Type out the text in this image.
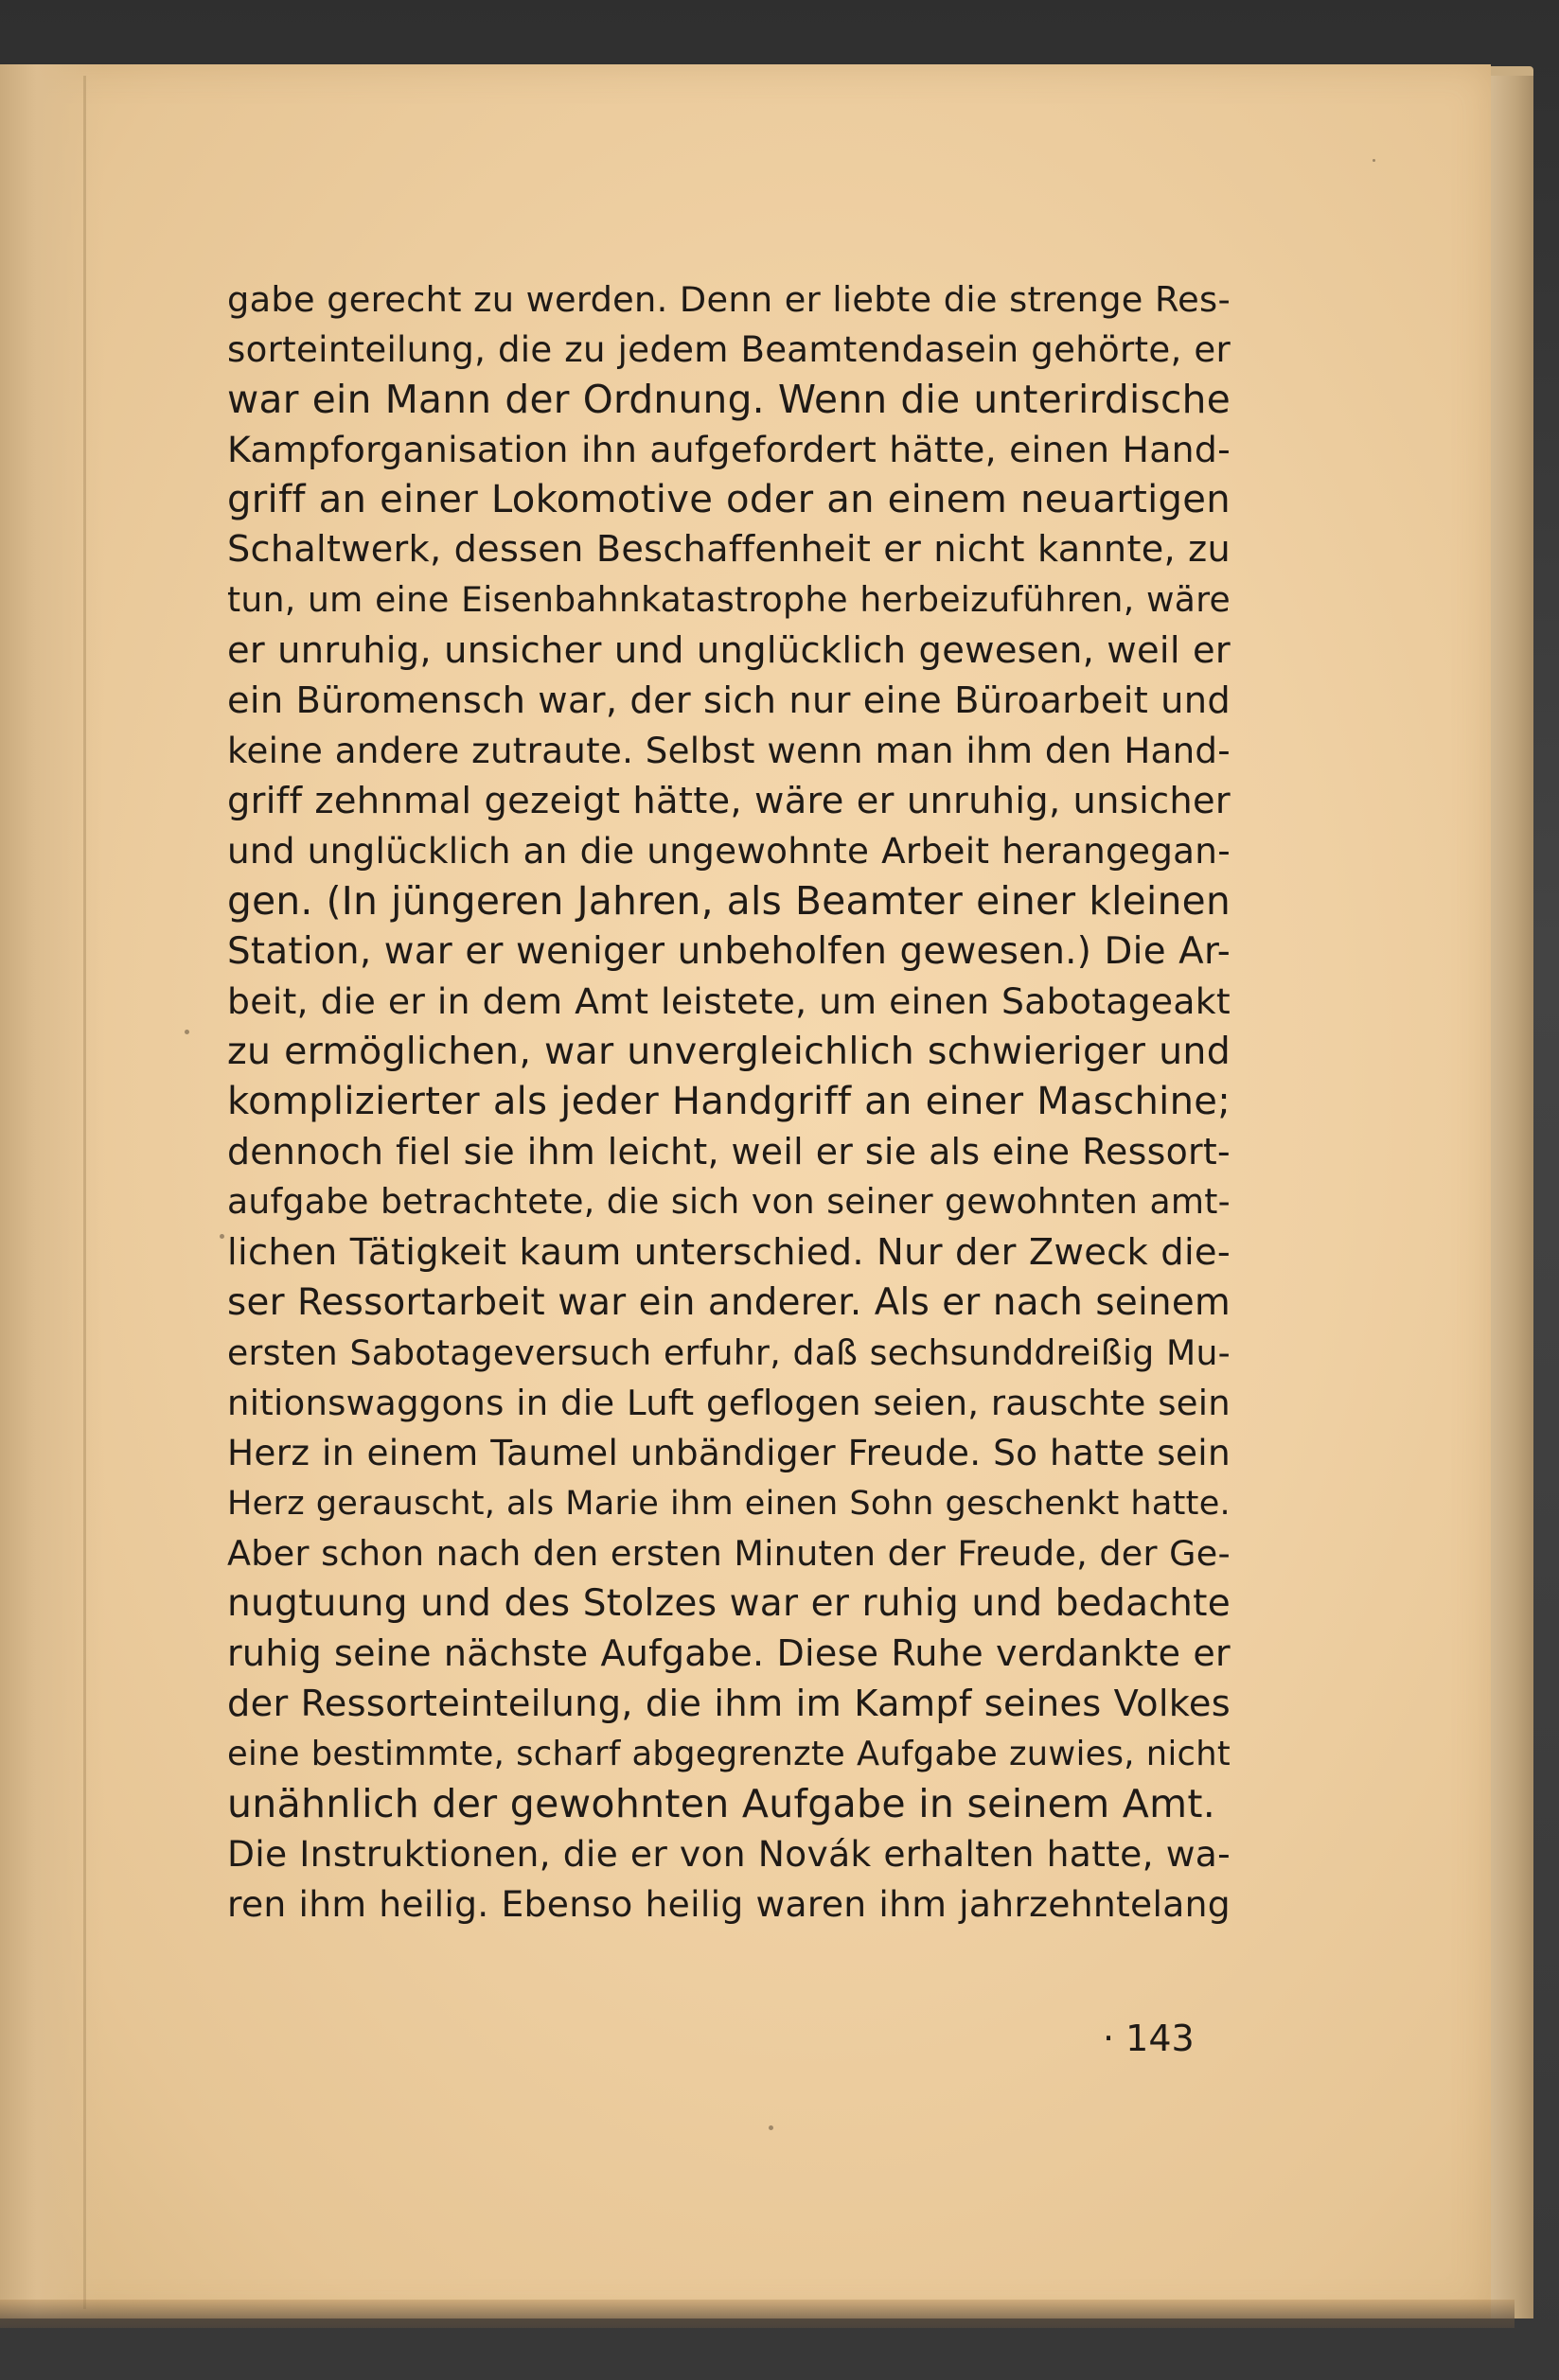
gabe gerecht zu werden. Denn er liebte die strenge Res-
sorteinteilung, die zu jedem Beamtendasein gehörte, er
war ein Mann der Ordnung. Wenn die unterirdische
Kampforganisation ihn aufgefordert hätte, einen Hand-
griff an einer Lokomotive oder an einem neuartigen
Schaltwerk, dessen Beschaffenheit er nicht kannte, zu
tun, um eine Eisenbahnkatastrophe herbeizuführen, wäre
er unruhig, unsicher und unglücklich gewesen, weil er
ein Büromensch war, der sich nur eine Büroarbeit und
keine andere zutraute. Selbst wenn man ihm den Hand-
griff zehnmal gezeigt hätte, wäre er unruhig, unsicher
und unglücklich an die ungewohnte Arbeit herangegan-
gen. (In jüngeren Jahren, als Beamter einer kleinen
Station, war er weniger unbeholfen gewesen.) Die Ar-
beit, die er in dem Amt leistete, um einen Sabotageakt
zu ermöglichen, war unvergleichlich schwieriger und
komplizierter als jeder Handgriff an einer Maschine;
dennoch fiel sie ihm leicht, weil er sie als eine Ressort-
aufgabe betrachtete, die sich von seiner gewohnten amt-
lichen Tätigkeit kaum unterschied. Nur der Zweck die-
ser Ressortarbeit war ein anderer. Als er nach seinem
ersten Sabotageversuch erfuhr, daß sechsunddreißig Mu-
nitionswaggons in die Luft geflogen seien, rauschte sein
Herz in einem Taumel unbändiger Freude. So hatte sein
Herz gerauscht, als Marie ihm einen Sohn geschenkt hatte.
Aber schon nach den ersten Minuten der Freude, der Ge-
nugtuung und des Stolzes war er ruhig und bedachte
ruhig seine nächste Aufgabe. Diese Ruhe verdankte er
der Ressorteinteilung, die ihm im Kampf seines Volkes
eine bestimmte, scharf abgegrenzte Aufgabe zuwies, nicht
unähnlich der gewohnten Aufgabe in seinem Amt.
Die Instruktionen, die er von Novák erhalten hatte, wa-
ren ihm heilig. Ebenso heilig waren ihm jahrzehntelang
· 143
